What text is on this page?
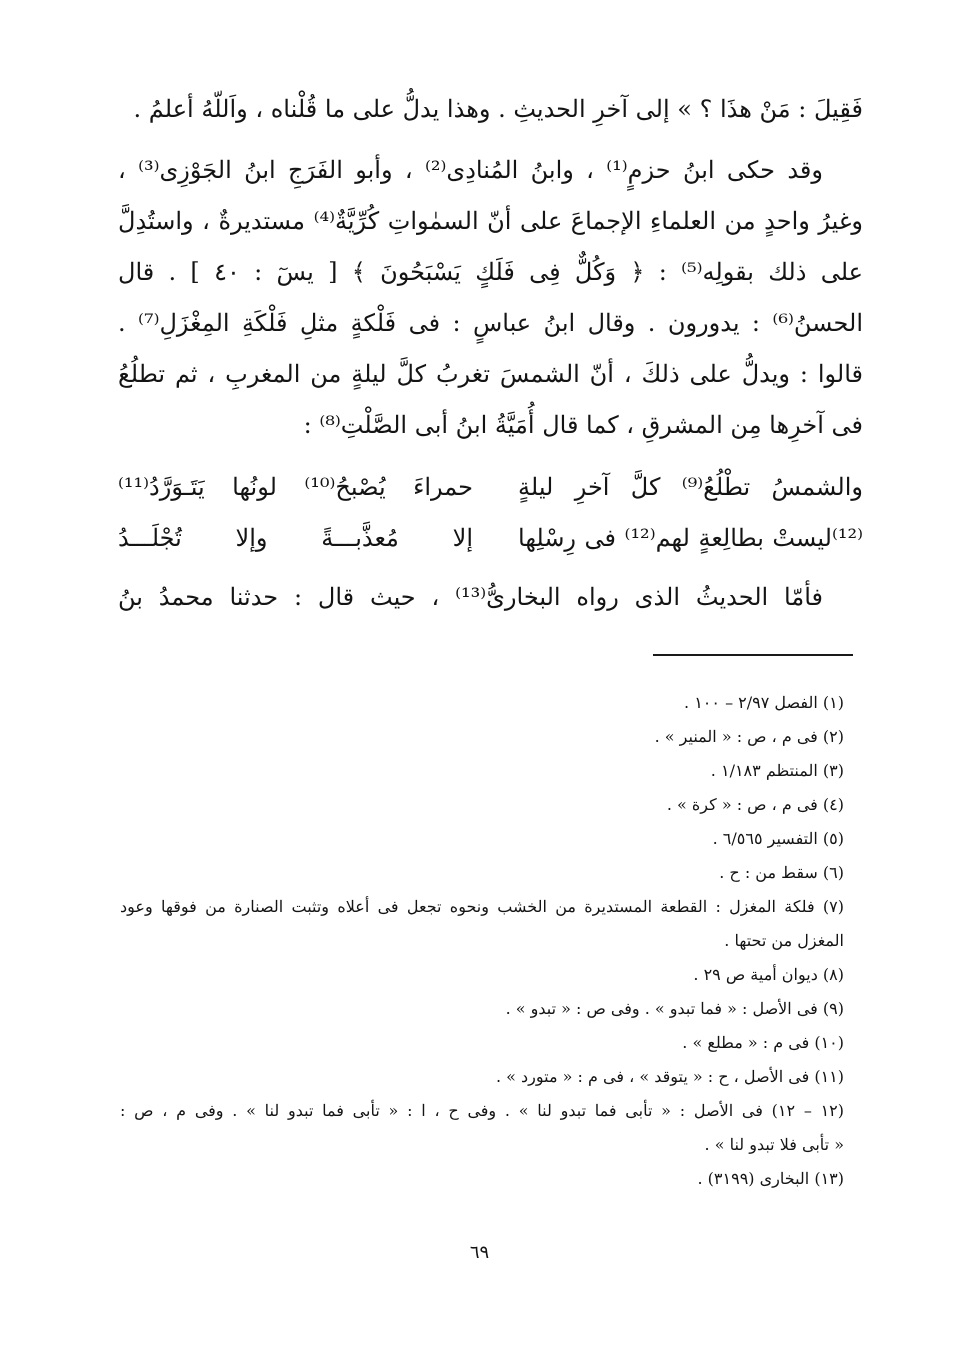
فَقِيلَ : مَنْ هذَا ؟ » إلى آخرِ الحديثِ . وهذا يدلُّ على ما قُلْناه ، واَللّهُ أعلمُ .
وقد حكى ابنُ حزمٍ⁽¹⁾ ، وابنُ المُنادِى⁽²⁾ ، وأبو الفَرَجِ ابنُ الجَوْزِى⁽³⁾ ،
وغيرُ واحدٍ من العلماءِ الإجماعَ على أنّ السمٰواتِ كُرِّيَّةٌ⁽⁴⁾ مستديرةٌ ، واستُدِلَّ
على ذلك بقولِه⁽⁵⁾ : ﴿ وَكُلٌّ فِى فَلَكٍ يَسْبَحُونَ ﴾ [ يسٓ : ٤٠ ] . قال
الحسنُ⁽⁶⁾ : يدورون . وقال ابنُ عباسٍ : فى فَلْكةٍ مثلِ فَلْكَةِ المِغْزَلِ⁽⁷⁾ .
قالوا : ويدلُّ على ذلكَ ، أنّ الشمسَ تغربُ كلَّ ليلةٍ من المغربِ ، ثم تطلُعُ
فى آخرِها مِن المشرقِ ، كما قال أُمَيَّةُ ابنُ أبى الصَّلْتِ⁽⁸⁾ :
والشمسُ تطْلُعُ⁽⁹⁾ كلَّ آخرِ ليلةٍ
حمراءَ يُصْبحُ⁽¹⁰⁾ لونُها يَتَـوَرَّدُ⁽¹¹⁾
⁽¹²⁾ليستْ بطالِعةٍ لهم⁽¹²⁾ فى رِسْلِها
إلا مُعذَّبـــةً وإلا تُجْلَـــدُ
فأمّا الحديثُ الذى رواه البخارىُّ⁽¹³⁾ ، حيث قال : حدثنا محمدُ بنُ
(١) الفصل ٢/٩٧ – ١٠٠ .
(٢) فى م ، ص : « المنير » .
(٣) المنتظم ١/١٨٣ .
(٤) فى م ، ص : « كرة » .
(٥) التفسير ٦/٥٦٥ .
(٦) سقط من : ح .
(٧) فلكة المغزل : القطعة المستديرة من الخشب ونحوه تجعل فى أعلاه وتثبت الصنارة من فوقها وعود
المغزل من تحتها .
(٨) ديوان أمية ص ٢٩ .
(٩) فى الأصل : « فما تبدو » . وفى ص : « تبدو » .
(١٠) فى م : « مطلع » .
(١١) فى الأصل ، ح : « يتوقد » ، فى م : « متورد » .
(١٢ – ١٢) فى الأصل : « تأبى فما تبدو لنا » . وفى ح ، ا : « تأبى فما تبدو لنا » . وفى م ، ص :
« تأبى فلا تبدو لنا » .
(١٣) البخارى (٣١٩٩) .
٦٩
